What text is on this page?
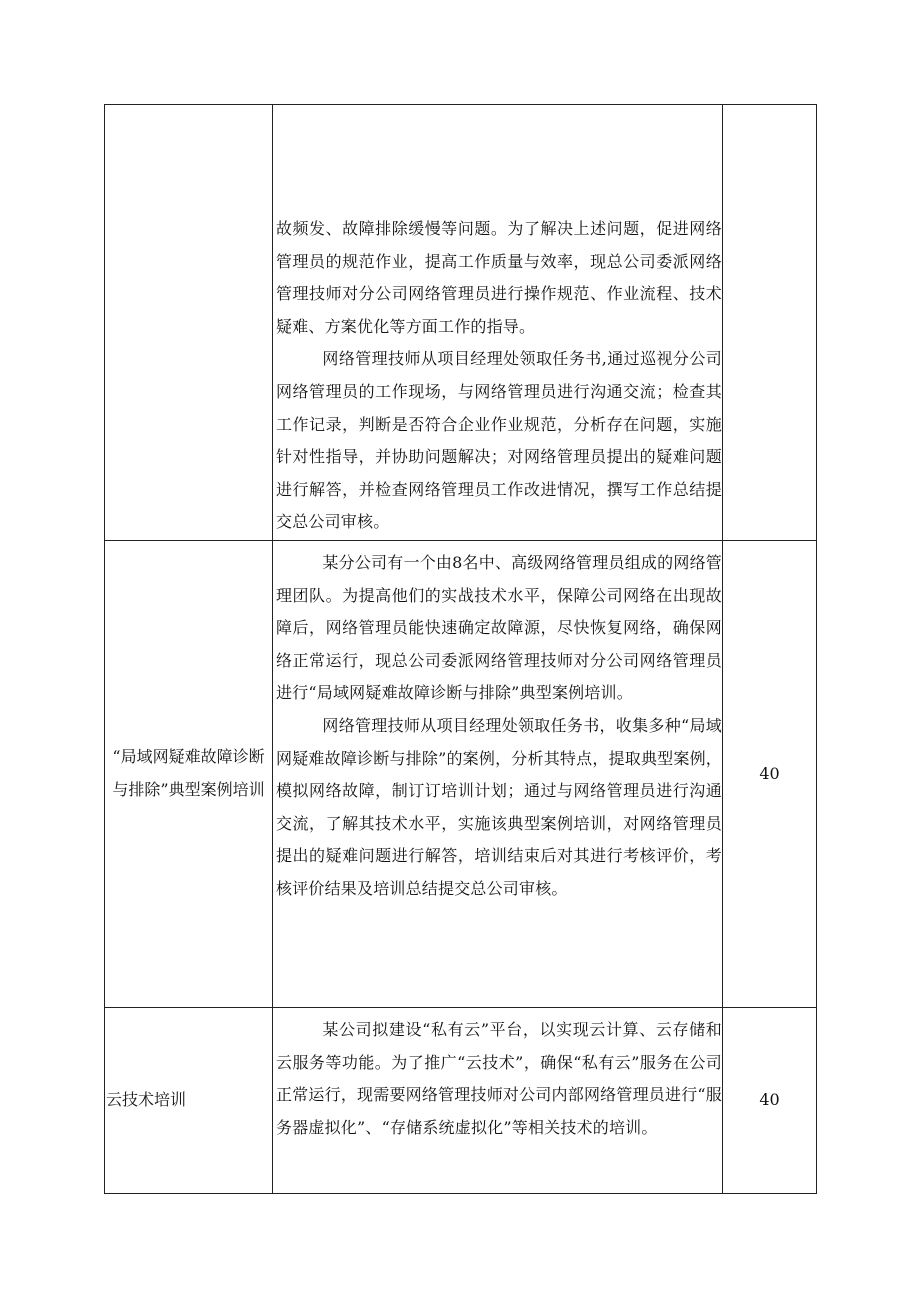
	故频发、故障排除缓慢等问题。为了解决上述问题，促进网络管理员的规范作业，提高工作质量与效率，现总公司委派网络管理技师对分公司网络管理员进行操作规范、作业流程、技术疑难、方案优化等方面工作的指导。

网络管理技师从项目经理处领取任务书,通过巡视分公司网络管理员的工作现场，与网络管理员进行沟通交流；检查其工作记录，判断是否符合企业作业规范，分析存在问题，实施针对性指导，并协助问题解决；对网络管理员提出的疑难问题进行解答，并检查网络管理员工作改进情况，撰写工作总结提交总公司审核。	

“局域网疑难故障诊断与排除”典型案例培训	某分公司有一个由8名中、高级网络管理员组成的网络管理团队。为提高他们的实战技术水平，保障公司网络在出现故障后，网络管理员能快速确定故障源，尽快恢复网络，确保网络正常运行，现总公司委派网络管理技师对分公司网络管理员进行“局域网疑难故障诊断与排除”典型案例培训。

网络管理技师从项目经理处领取任务书，收集多种“局域网疑难故障诊断与排除”的案例，分析其特点，提取典型案例，模拟网络故障，制订订培训计划；通过与网络管理员进行沟通交流，了解其技术水平，实施该典型案例培训，对网络管理员提出的疑难问题进行解答，培训结束后对其进行考核评价，考核评价结果及培训总结提交总公司审核。	40
云技术培训	某公司拟建设“私有云”平台，以实现云计算、云存储和云服务等功能。为了推广“云技术”，确保“私有云”服务在公司正常运行，现需要网络管理技师对公司内部网络管理员进行“服务器虚拟化”、“存储系统虚拟化”等相关技术的培训。	40
